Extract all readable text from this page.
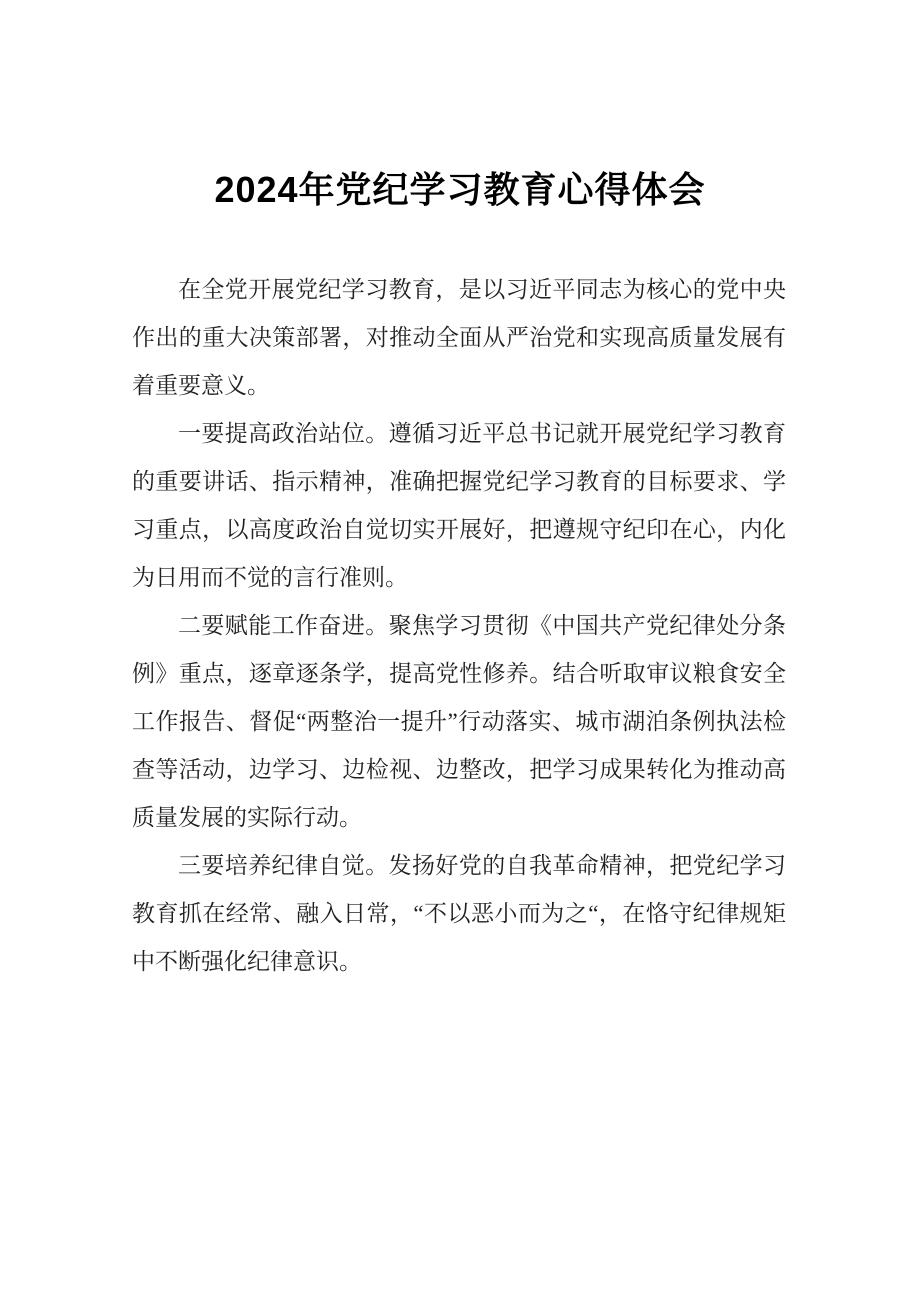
2024年党纪学习教育心得体会

在全党开展党纪学习教育，是以习近平同志为核心的党中央作出的重大决策部署，对推动全面从严治党和实现高质量发展有着重要意义。

一要提高政治站位。遵循习近平总书记就开展党纪学习教育的重要讲话、指示精神，准确把握党纪学习教育的目标要求、学习重点，以高度政治自觉切实开展好，把遵规守纪印在心，内化为日用而不觉的言行准则。

二要赋能工作奋进。聚焦学习贯彻《中国共产党纪律处分条例》重点，逐章逐条学，提高党性修养。结合听取审议粮食安全工作报告、督促“两整治一提升”行动落实、城市湖泊条例执法检查等活动，边学习、边检视、边整改，把学习成果转化为推动高质量发展的实际行动。

三要培养纪律自觉。发扬好党的自我革命精神，把党纪学习教育抓在经常、融入日常，“不以恶小而为之“，在恪守纪律规矩中不断强化纪律意识。
